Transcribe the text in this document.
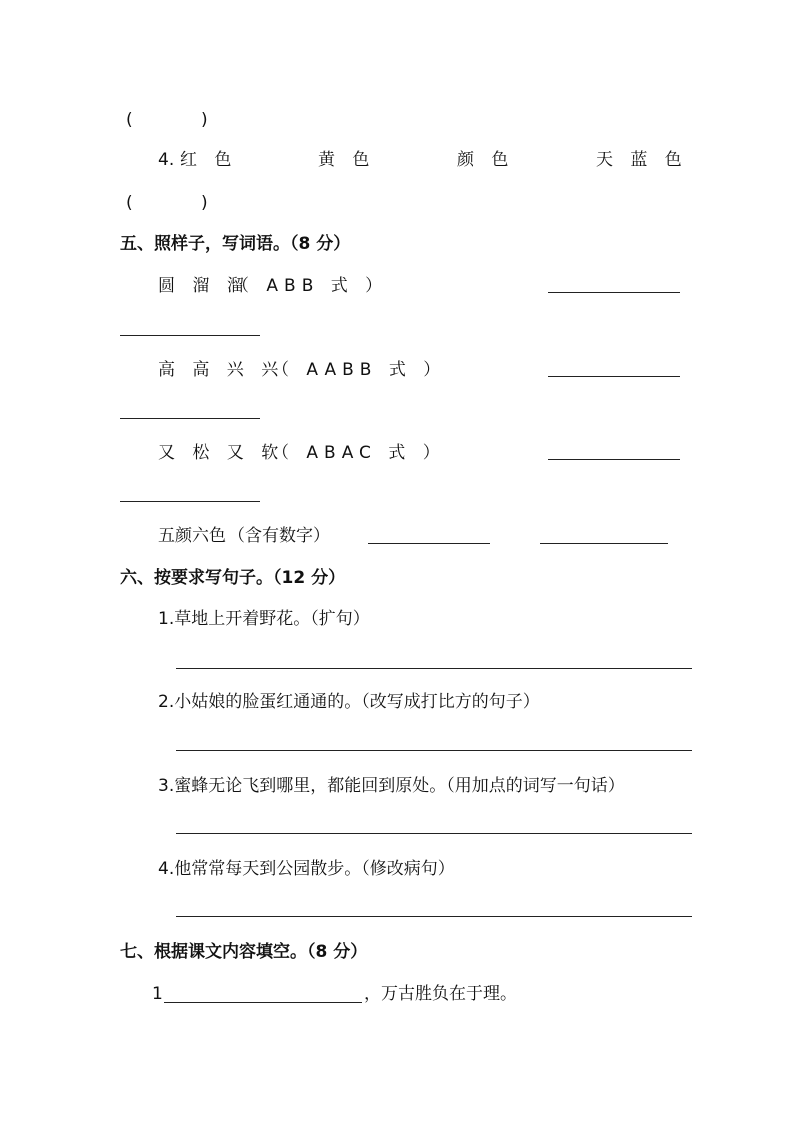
(	)
4. 红 色	黄 色	颜 色	天 蓝 色
(	)
五、照样子，写词语。（8 分）
圆 溜 溜
（ ABB 式 ）
高 高 兴 兴
（ AABB 式 ）
又 松 又 软
（ ABAC 式 ）
五颜六色 （含有数字）
六、按要求写句子。（12 分）
1.草地上开着野花。（扩句）
2.小姑娘的脸蛋红通通的。（改写成打比方的句子）
3.蜜蜂无论飞到哪里，都能回到原处。（用加点的词写一句话）
4.他常常每天到公园散步。（修改病句）
七、根据课文内容填空。（8 分）
1	，万古胜负在于理。
